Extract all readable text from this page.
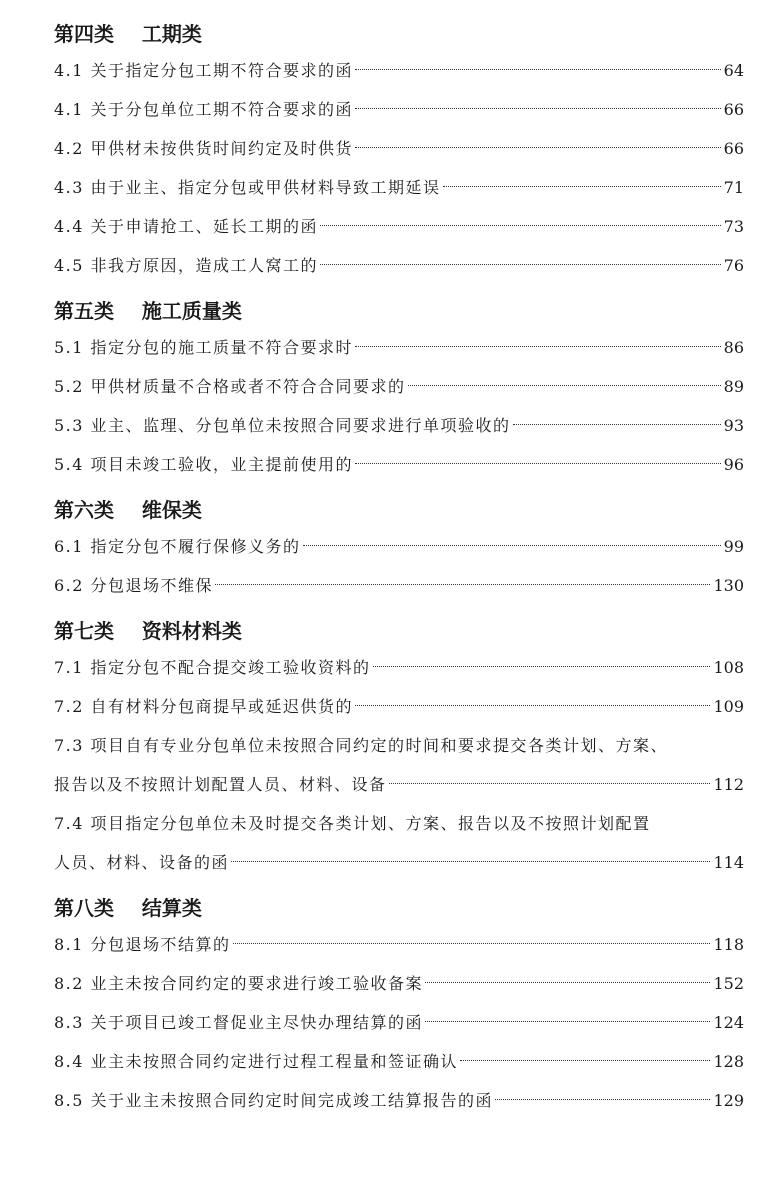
第四类    工期类
4.1 关于指定分包工期不符合要求的函	64
4.1 关于分包单位工期不符合要求的函	66
4.2 甲供材未按供货时间约定及时供货	66
4.3 由于业主、指定分包或甲供材料导致工期延误	71
4.4 关于申请抢工、延长工期的函	73
4.5 非我方原因，造成工人窝工的	76
第五类    施工质量类
5.1 指定分包的施工质量不符合要求时	86
5.2 甲供材质量不合格或者不符合合同要求的	89
5.3 业主、监理、分包单位未按照合同要求进行单项验收的	93
5.4 项目未竣工验收，业主提前使用的	96
第六类    维保类
6.1 指定分包不履行保修义务的	99
6.2 分包退场不维保	130
第七类    资料材料类
7.1 指定分包不配合提交竣工验收资料的	108
7.2 自有材料分包商提早或延迟供货的	109
7.3 项目自有专业分包单位未按照合同约定的时间和要求提交各类计划、方案、
报告以及不按照计划配置人员、材料、设备	112
7.4 项目指定分包单位未及时提交各类计划、方案、报告以及不按照计划配置
人员、材料、设备的函	114
第八类    结算类
8.1 分包退场不结算的	118
8.2 业主未按合同约定的要求进行竣工验收备案	152
8.3 关于项目已竣工督促业主尽快办理结算的函	124
8.4 业主未按照合同约定进行过程工程量和签证确认	128
8.5 关于业主未按照合同约定时间完成竣工结算报告的函	129
